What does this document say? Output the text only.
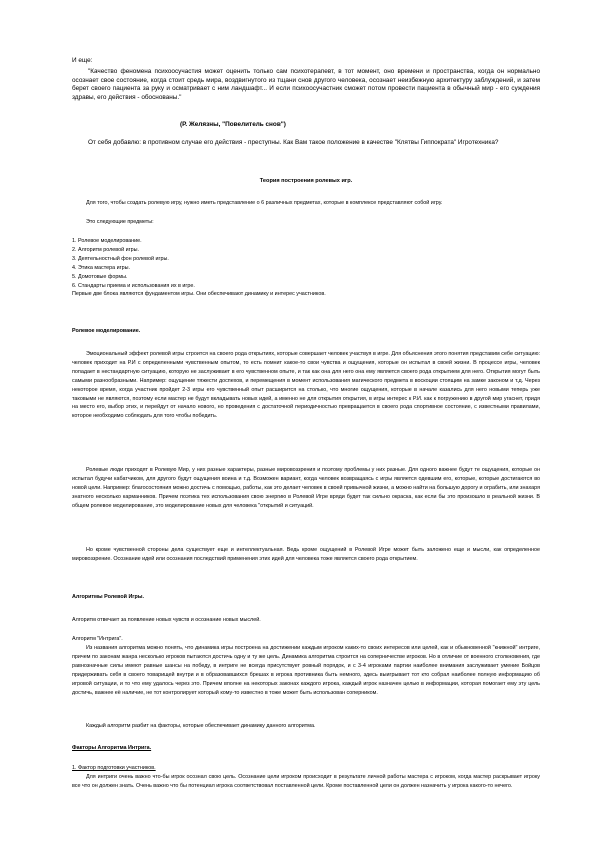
И еще:

"Качество феномена психоосучастия может оценить только сам психотерапевт, в тот момент, оно времени и пространства, когда он нормально осознает свое состояние, когда стоит средь мира, воздвигнутого из тщани снов другого человека, осознает неизбежную архитектуру заблуждений, и затем берет своего пациента за руку и осматривает с ним ландшафт... И если психоосучастник сможет потом провести пациента в обычный мир - его суждения здравы, его действия - обоснованы."

(Р. Желязны, "Повелитель снов")

От себя добавлю: в противном случае его действия - преступны. Как Вам такое положение в качестве "Клятвы Гиппократа" Игротехника?

Теория построения ролевых игр.

Для того, чтобы создать ролевую игру, нужно иметь представление о 6 различных предметах, которые в комплексе представляют собой игру.

Это следующие предметы:

1. Ролевое моделирование.
2. Алгоритм ролевой игры.
3. Деятельностный фон ролевой игры.
4. Этика мастера игры.
5. Домотовые формы.
6. Стандарты приема и использования их в игре.
Первые две блока являются фундаментом игры. Они обеспечивают динамику и интерес участников.

Ролевое моделирование.

Эмоциональный эффект ролевой игры строится на своего рода открытиях, которые совершает человек участвуя в игре. Для объяснения этого понятия представим себе ситуацию: человек приходит на Р.И с определенными чувственным опытом, то есть помнит какое-то свои чувства и ощущения, которые он испытал в своей жизни. В процессе игры, человек попадает в нестандартную ситуацию, которую не заслуживает в его чувственном опыте, и так как она для него она ему является своего рода открытием для него. Открытия могут быть самыми разнообразными. Например: ощущение тяжести доспехов, и перемещения в момент использования магического предмета в воскоции стоящим на замке законом и т.д. Через некоторое время, когда участник пройдет 2-3 игры его чувственный опыт расширится на столько, что многие ощущения, которые в начале казались для него новыми теперь уже таковыми не являются, поэтому если мастер не будут вкладывать новых идей, а именно не для открытия открытия, в игры интерес к Р.И. как к погружению в другой мир угаснет, придя на место его, выбор этих, и перейдут от начало нового, но проведения с достаточной периодичностью превращается в своего рода спортивное состояние, с известными правилами, которое необходимо соблюдать для того чтобы победить.

Ролевые люди приходят в Ролевую Мир, у них разные характеры, разные мировоззрения и поэтому проблемы у них разные. Для одного важнее будут те ощущения, которые он испытал будучи кабатчиком, для другого будут ощущения воина и т.д. Возможен вариант, когда человек возвращаясь с игры является одевшим его, которые, которые достигаются во новой цели. Например: благосостояния можно достичь с помощью, работы, как это делает человек в своей привычной жизни, а можно найти на большую дорогу и ограбить, или знахаря знатного несколько карманников. Причем поэтика тех использования свою энергию в Ролевой Игре вряди будет так сильно окраска, как если бы это произошло в реальной жизни. В общем ролевое моделирование, это моделирование новых для человека "открытий и ситуаций.

Но кроме чувственной стороны дела существует еще и интеллектуальная. Ведь кроме ощущений в Ролевой Игре может быть заложено еще и мысли, как определенное мировоззрение. Осознание идей или осознания последствий применения этих идей для человека тоже является своего рода открытием.

Алгоритмы Ролевой Игры.

Алгоритм отвечает за появление новых чувств и осознание новых мыслей.

Алгоритм "Интрига".

Из названия алгоритма можно понять, что динамика игры построена на достижении каждым игроком каких-то своих интересов или целей, как и обыкновенной "книжной" интриге, причем по законам жанра несколько игроков пытаются достичь одну и ту же цель. Динамика алгоритма строится на соперничестве игроков. Но в отличие от военного столкновения, где равнозначные силы имеют равные шансы на победу, в интриге не всегда присутствует ровный порядок, и с 3-4 игроками партии наиболее внимания заслуживает умение Бойцов придерживать себя в своего товарищей внутри и в образовавшихся брешах в игрока противника быть немного, здесь выигрывает тот кто собрал наиболее полную информацию об игровой ситуации, и то что ему удалось через это. Причем вполне на некоторых законах каждого игрока, каждый игрок назначен целью в информации, которая помогает ему эту цель достичь, важнее её наличие, не тот контролирует который кому-то известно в тоже может быть использован соперником.

Каждый алгоритм разбит на факторы, которые обеспечивает динамику данного алгоритма.

Факторы Алгоритма Интрига.

1. Фактор подготовки участников.

Для интриги очень важно что-бы игрок осознал свою цель. Осознание цели игроком происходит в результате личной работы мастера с игроком, когда мастер раскрывает игроку все что он должен знать. Очень важно что бы потенциал игрока соответствовал поставленной цели. Кроме поставленной цели он должен назначить у игрока какого-то нечего.
